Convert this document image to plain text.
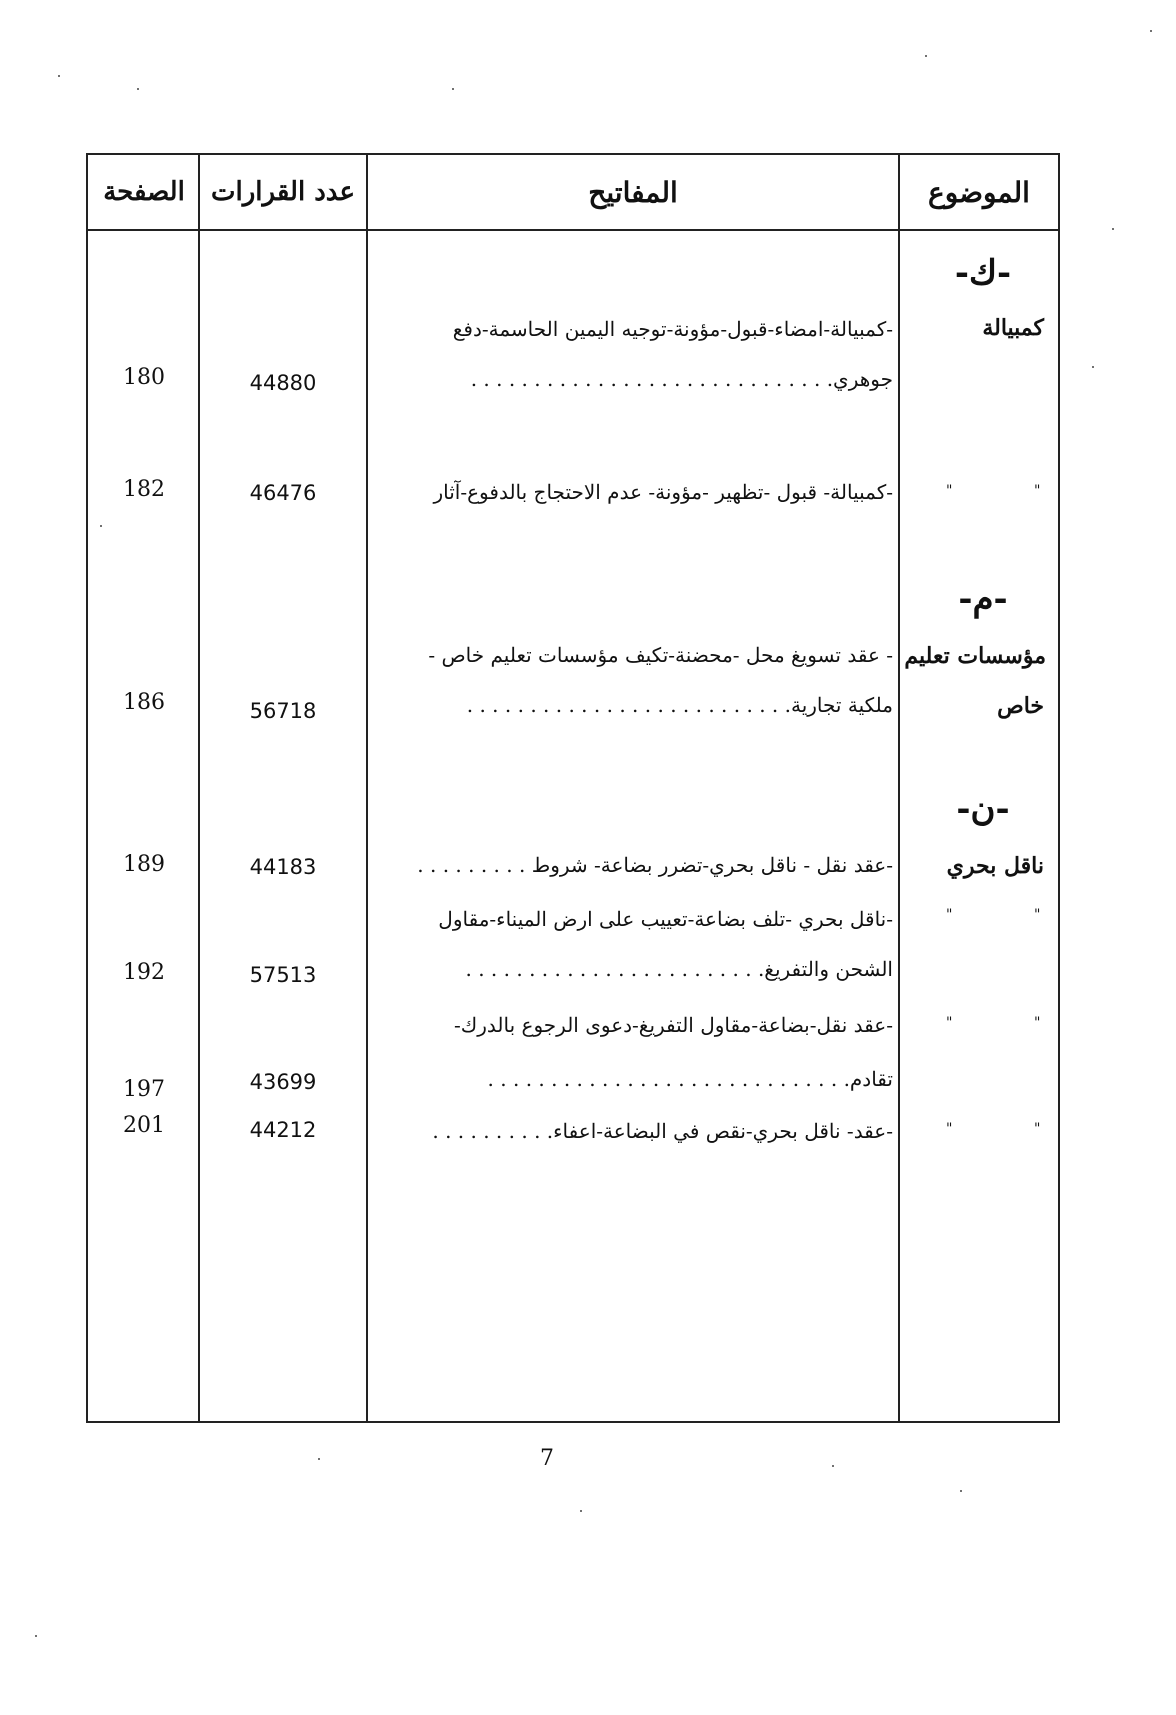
الموضوع
المفاتيح
عدد القرارات
الصفحة
-ك-
كمبيالة
-كمبيالة-امضاء-قبول-مؤونة-توجيه اليمين الحاسمة-دفع
جوهري. . . . . . . . . . . . . . . . . . . . . . . . . . . . .
44880
180
"
"
-كمبيالة- قبول -تظهير -مؤونة- عدم الاحتجاج بالدفوع-آثار
46476
182
-م-
مؤسسات تعليم
خاص
- عقد تسويغ محل -محضنة-تكيف مؤسسات تعليم خاص -
ملكية تجارية. . . . . . . . . . . . . . . . . . . . . . . . . .
56718
186
-ن-
ناقل بحري
-عقد نقل - ناقل بحري-تضرر بضاعة- شروط . . . . . . . . .
44183
189
"
"
-ناقل بحري -تلف بضاعة-تعييب على ارض الميناء-مقاول
الشحن والتفريغ. . . . . . . . . . . . . . . . . . . . . . . .
57513
192
"
"
-عقد نقل-بضاعة-مقاول التفريغ-دعوى الرجوع بالدرك-
تقادم. . . . . . . . . . . . . . . . . . . . . . . . . . . . .
43699
197
"
"
-عقد- ناقل بحري-نقص في البضاعة-اعفاء. . . . . . . . . .
44212
201
7
